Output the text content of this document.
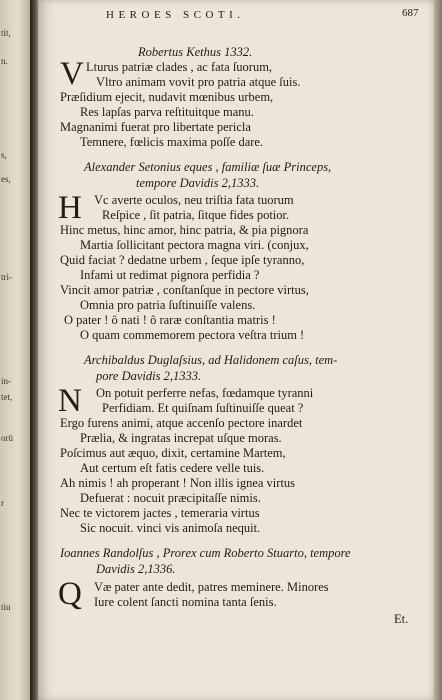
tit,
n.
s,
es,
tri-
in-
tet,
orū
r
tiu
HEROES SCOTI.	687
Robertus Kethus 1332.
V Lturus patriæ clades , ac fata ſuorum,
Vltro animam vovit pro patria atque ſuis.
Præſidium ejecit, nudavit mœnibus urbem,
Res lapſas parva reſtituitque manu.
Magnanimi fuerat pro libertate pericla
Temnere, fœlicis maxima poſſe dare.
Alexander Setonius eques , familiæ ſuæ Princeps,
tempore Davidis 2,1333.
H Vc averte oculos, neu triſtia fata tuorum
Reſpice , ſit patria, ſitque fides potior.
Hinc metus, hinc amor, hinc patria, & pia pignora
Martia ſollicitant pectora magna viri. (conjux,
Quid faciat ? dedatne urbem , ſeque ipſe tyranno,
Infami ut redimat pignora perfidia ?
Vincit amor patriæ , conſtanſque in pectore virtus,
Omnia pro patria ſuſtinuiſſe valens.
O pater ! ô nati ! ô raræ conſtantia matris !
O quam commemorem pectora veſtra trium !
Archibaldus Duglaſsius, ad Halidonem caſus, tem-
pore Davidis 2,1333.
N On potuit perferre nefas, fœdamque tyranni
Perfidiam. Et quiſnam ſuſtinuiſſe queat ?
Ergo furens animi, atque accenſo pectore inardet
Prælia, & ingratas increpat uſque moras.
Poſcimus aut æquo, dixit, certamine Martem,
Aut certum eſt fatis cedere velle tuis.
Ah nimis ! ah properant ! Non illis ignea virtus
Defuerat : nocuit præcipitaſſe nimis.
Nec te victorem jactes , temeraria virtus
Sic nocuit. vinci vis animoſa nequit.
Ioannes Randolſus , Prorex cum Roberto Stuarto, tempore
Davidis 2,1336.
Q Væ pater ante dedit, patres meminere. Minores
Iure colent ſancti nomina tanta ſenis.
Et.
